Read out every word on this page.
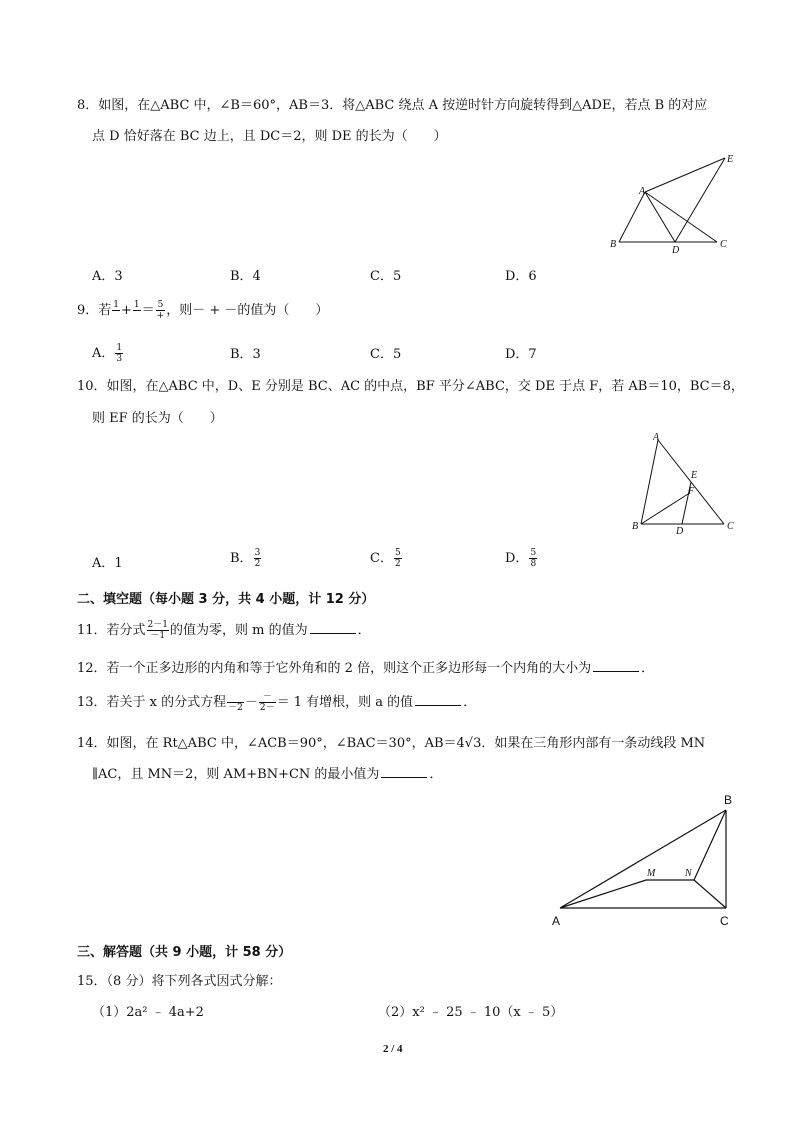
8．如图，在△ABC 中，∠B＝60°，AB＝3．将△ABC 绕点 A 按逆时针方向旋转得到△ADE，若点 B 的对应
点 D 恰好落在 BC 边上，且 DC＝2，则 DE 的长为（　　）
A
B	C
D
E
A．3	B．4	C．5	D．6
9．若 1
+ 1
＝ $\frac{5}{+}$ ，则－ + －的值为（　　）
A． $\frac{1}{3}$	B．3	C．5	D．7
10．如图，在△ABC 中，D、E 分别是 BC、AC 的中点，BF 平分∠ABC，交 DE 于点 F，若 AB＝10，BC＝8，
则 EF 的长为（　　）
A
B	C
D
E
F
A．1	B． $\frac{3}{2}$	C． $\frac{5}{2}$	D． $\frac{5}{8}$
二、填空题（每小题 3 分，共 4 小题，计 12 分）
11．若分式 $\frac{2-1}{-1}$ 的值为零，则 m 的值为	．
12．若一个正多边形的内角和等于它外角和的 2 倍，则这个正多边形每一个内角的大小为	．
13．若关于 x 的分式方程
$-2 - \frac{-}{2-} = 1$ 有增根，则 a 的值	．
14．如图，在 Rt△ABC 中，∠ACB＝90°，∠BAC＝30°，AB＝4√3．如果在三角形内部有一条动线段 MN
∥AC，且 MN＝2，则 AM+BN+CN 的最小值为	．
A
B
C
M	N
三、解答题（共 9 小题，计 58 分）
15．（8 分）将下列各式因式分解：
（1）2a² ﹣ 4a+2	（2）x² ﹣ 25 ﹣ 10（x ﹣ 5）
2 / 4
